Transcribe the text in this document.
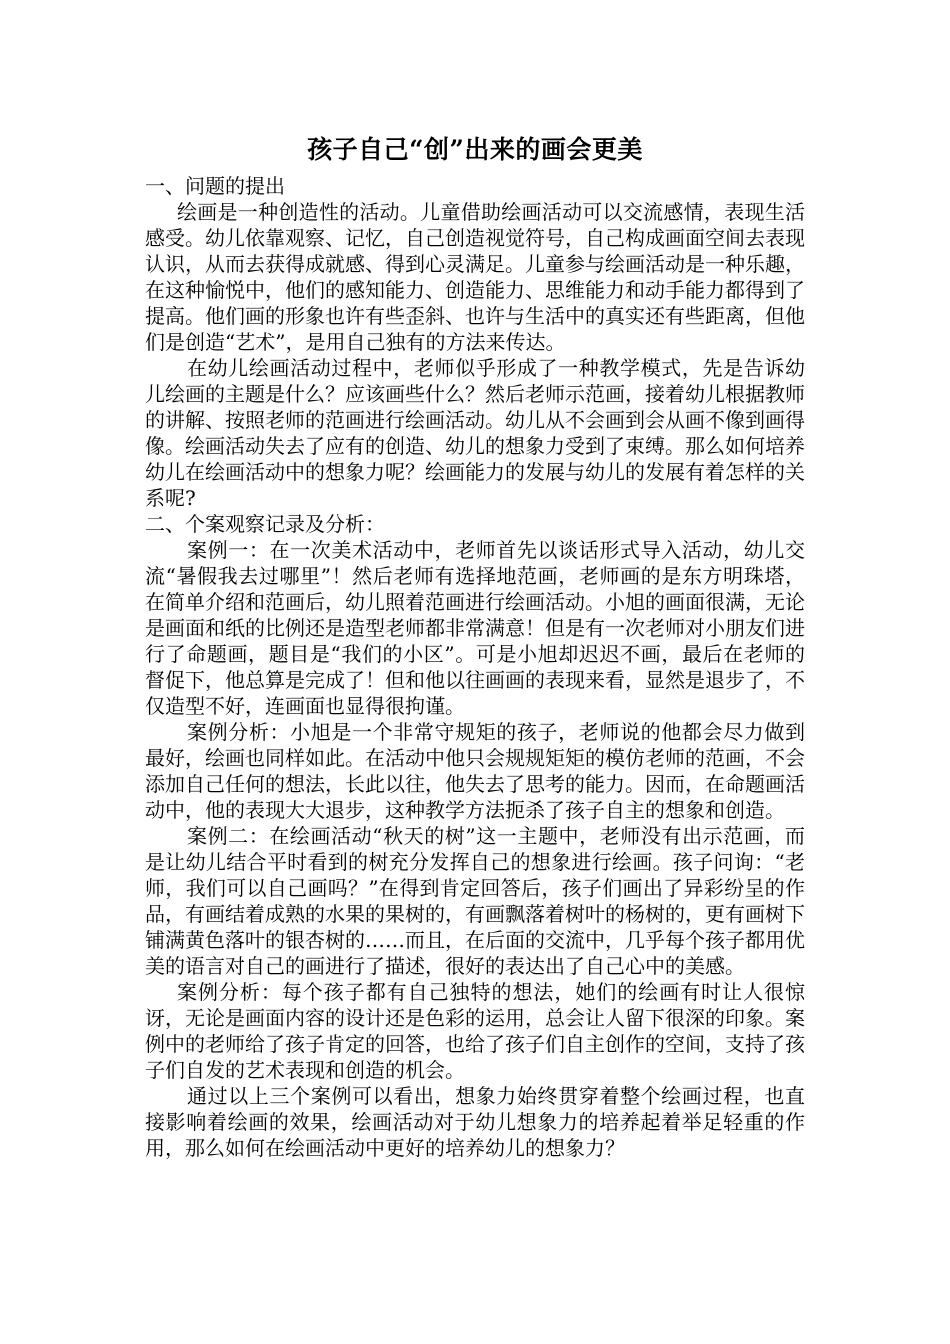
孩子自己“创”出来的画会更美

一、问题的提出

绘画是一种创造性的活动。儿童借助绘画活动可以交流感情，表现生活感受。幼儿依靠观察、记忆，自己创造视觉符号，自己构成画面空间去表现认识，从而去获得成就感、得到心灵满足。儿童参与绘画活动是一种乐趣，在这种愉悦中，他们的感知能力、创造能力、思维能力和动手能力都得到了提高。他们画的形象也许有些歪斜、也许与生活中的真实还有些距离，但他们是创造“艺术”，是用自己独有的方法来传达。

在幼儿绘画活动过程中，老师似乎形成了一种教学模式，先是告诉幼儿绘画的主题是什么？应该画些什么？然后老师示范画，接着幼儿根据教师的讲解、按照老师的范画进行绘画活动。幼儿从不会画到会从画不像到画得像。绘画活动失去了应有的创造、幼儿的想象力受到了束缚。那么如何培养幼儿在绘画活动中的想象力呢？绘画能力的发展与幼儿的发展有着怎样的关系呢?

二、个案观察记录及分析：

案例一：在一次美术活动中，老师首先以谈话形式导入活动，幼儿交流“暑假我去过哪里”！然后老师有选择地范画，老师画的是东方明珠塔，在简单介绍和范画后，幼儿照着范画进行绘画活动。小旭的画面很满，无论是画面和纸的比例还是造型老师都非常满意！但是有一次老师对小朋友们进行了命题画，题目是“我们的小区”。可是小旭却迟迟不画，最后在老师的督促下，他总算是完成了！但和他以往画画的表现来看，显然是退步了，不仅造型不好，连画面也显得很拘谨。

案例分析：小旭是一个非常守规矩的孩子，老师说的他都会尽力做到最好，绘画也同样如此。在活动中他只会规规矩矩的模仿老师的范画，不会添加自己任何的想法，长此以往，他失去了思考的能力。因而，在命题画活动中，他的表现大大退步，这种教学方法扼杀了孩子自主的想象和创造。

案例二：在绘画活动“秋天的树”这一主题中，老师没有出示范画，而是让幼儿结合平时看到的树充分发挥自己的想象进行绘画。孩子问询：“老师，我们可以自己画吗？”在得到肯定回答后，孩子们画出了异彩纷呈的作品，有画结着成熟的水果的果树的，有画飘落着树叶的杨树的，更有画树下铺满黄色落叶的银杏树的……而且，在后面的交流中，几乎每个孩子都用优美的语言对自己的画进行了描述，很好的表达出了自己心中的美感。

案例分析：每个孩子都有自己独特的想法，她们的绘画有时让人很惊讶，无论是画面内容的设计还是色彩的运用，总会让人留下很深的印象。案例中的老师给了孩子肯定的回答，也给了孩子们自主创作的空间，支持了孩子们自发的艺术表现和创造的机会。

通过以上三个案例可以看出，想象力始终贯穿着整个绘画过程，也直接影响着绘画的效果，绘画活动对于幼儿想象力的培养起着举足轻重的作用，那么如何在绘画活动中更好的培养幼儿的想象力？
